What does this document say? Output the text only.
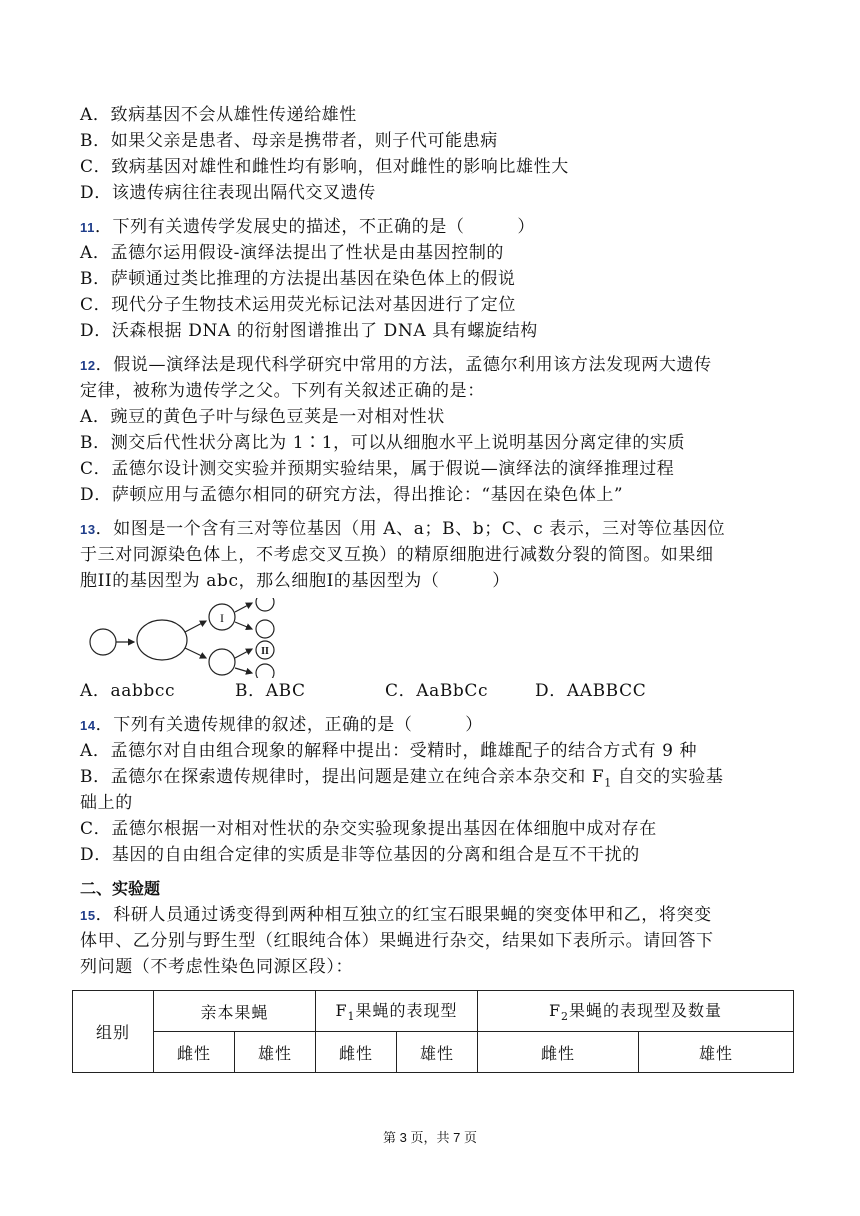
A．致病基因不会从雄性传递给雄性
B．如果父亲是患者、母亲是携带者，则子代可能患病
C．致病基因对雄性和雌性均有影响，但对雌性的影响比雄性大
D．该遗传病往往表现出隔代交叉遗传
11．下列有关遗传学发展史的描述，不正确的是（　　　）
A．孟德尔运用假设-演绎法提出了性状是由基因控制的
B．萨顿通过类比推理的方法提出基因在染色体上的假说
C．现代分子生物技术运用荧光标记法对基因进行了定位
D．沃森根据 DNA 的衍射图谱推出了 DNA 具有螺旋结构
12．假说—演绎法是现代科学研究中常用的方法，孟德尔利用该方法发现两大遗传
定律，被称为遗传学之父。下列有关叙述正确的是：
A．豌豆的黄色子叶与绿色豆荚是一对相对性状
B．测交后代性状分离比为 1∶1，可以从细胞水平上说明基因分离定律的实质
C．孟德尔设计测交实验并预期实验结果，属于假说—演绎法的演绎推理过程
D．萨顿应用与孟德尔相同的研究方法，得出推论：“基因在染色体上”
13．如图是一个含有三对等位基因（用 A、a；B、b；C、c 表示，三对等位基因位
于三对同源染色体上，不考虑交叉互换）的精原细胞进行减数分裂的简图。如果细
胞II的基因型为 abc，那么细胞I的基因型为（　　　）
I
II
A．aabbcc	B．ABC	C．AaBbCc	D．AABBCC
14．下列有关遗传规律的叙述，正确的是（　　　）
A．孟德尔对自由组合现象的解释中提出：受精时，雌雄配子的结合方式有 9 种
B．孟德尔在探索遗传规律时，提出问题是建立在纯合亲本杂交和 $F_1$ 自交的实验基
础上的
C．孟德尔根据一对相对性状的杂交实验现象提出基因在体细胞中成对存在
D．基因的自由组合定律的实质是非等位基因的分离和组合是互不干扰的
二、实验题
15．科研人员通过诱变得到两种相互独立的红宝石眼果蝇的突变体甲和乙，将突变
体甲、乙分别与野生型（红眼纯合体）果蝇进行杂交，结果如下表所示。请回答下
列问题（不考虑性染色同源区段）：
组别	亲本果蝇		$F_1$果蝇的表现型		$F_2$果蝇的表现型及数量	
	雌性	雄性	雌性	雄性	雌性	雄性
第 3 页，共 7 页
